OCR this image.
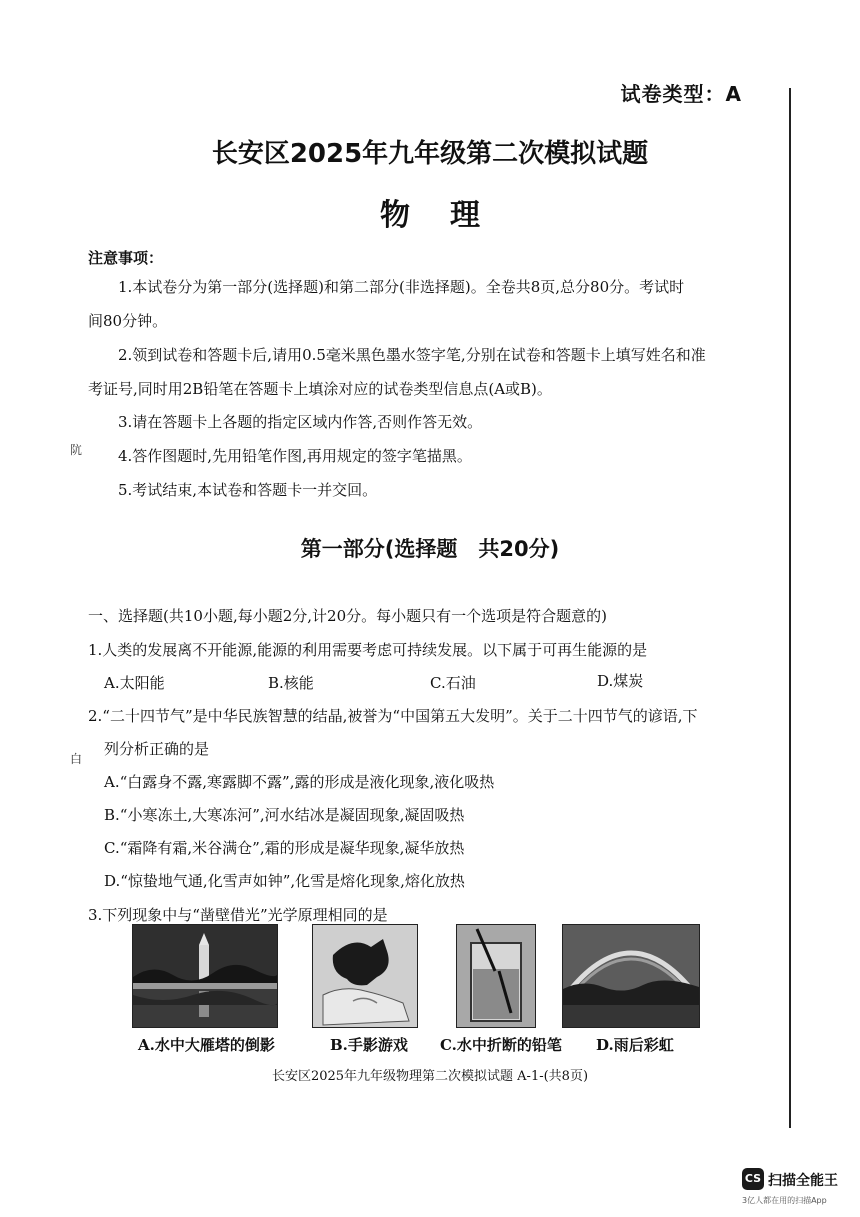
试卷类型：A
长安区2025年九年级第二次模拟试题
物理
注意事项：
1.本试卷分为第一部分(选择题)和第二部分(非选择题)。全卷共8页,总分80分。考试时
间80分钟。
2.领到试卷和答题卡后,请用0.5毫米黑色墨水签字笔,分别在试卷和答题卡上填写姓名和准
考证号,同时用2B铅笔在答题卡上填涂对应的试卷类型信息点(A或B)。
3.请在答题卡上各题的指定区域内作答,否则作答无效。
4.答作图题时,先用铅笔作图,再用规定的签字笔描黑。
5.考试结束,本试卷和答题卡一并交回。
第一部分(选择题　共20分)
一、选择题(共10小题,每小题2分,计20分。每小题只有一个选项是符合题意的)
1.人类的发展离不开能源,能源的利用需要考虑可持续发展。以下属于可再生能源的是
A.太阳能	B.核能	C.石油	D.煤炭
2.“二十四节气”是中华民族智慧的结晶,被誉为“中国第五大发明”。关于二十四节气的谚语,下
列分析正确的是
A.“白露身不露,寒露脚不露”,露的形成是液化现象,液化吸热
B.“小寒冻土,大寒冻河”,河水结冰是凝固现象,凝固吸热
C.“霜降有霜,米谷满仓”,霜的形成是凝华现象,凝华放热
D.“惊蛰地气通,化雪声如钟”,化雪是熔化现象,熔化放热
3.下列现象中与“凿壁借光”光学原理相同的是
A.水中大雁塔的倒影	B.手影游戏 C.水中折断的铅笔 D.雨后彩虹
长安区2025年九年级物理第二次模拟试题 A-1-(共8页)
阬
白
CS 扫描全能王
3亿人都在用的扫描App
